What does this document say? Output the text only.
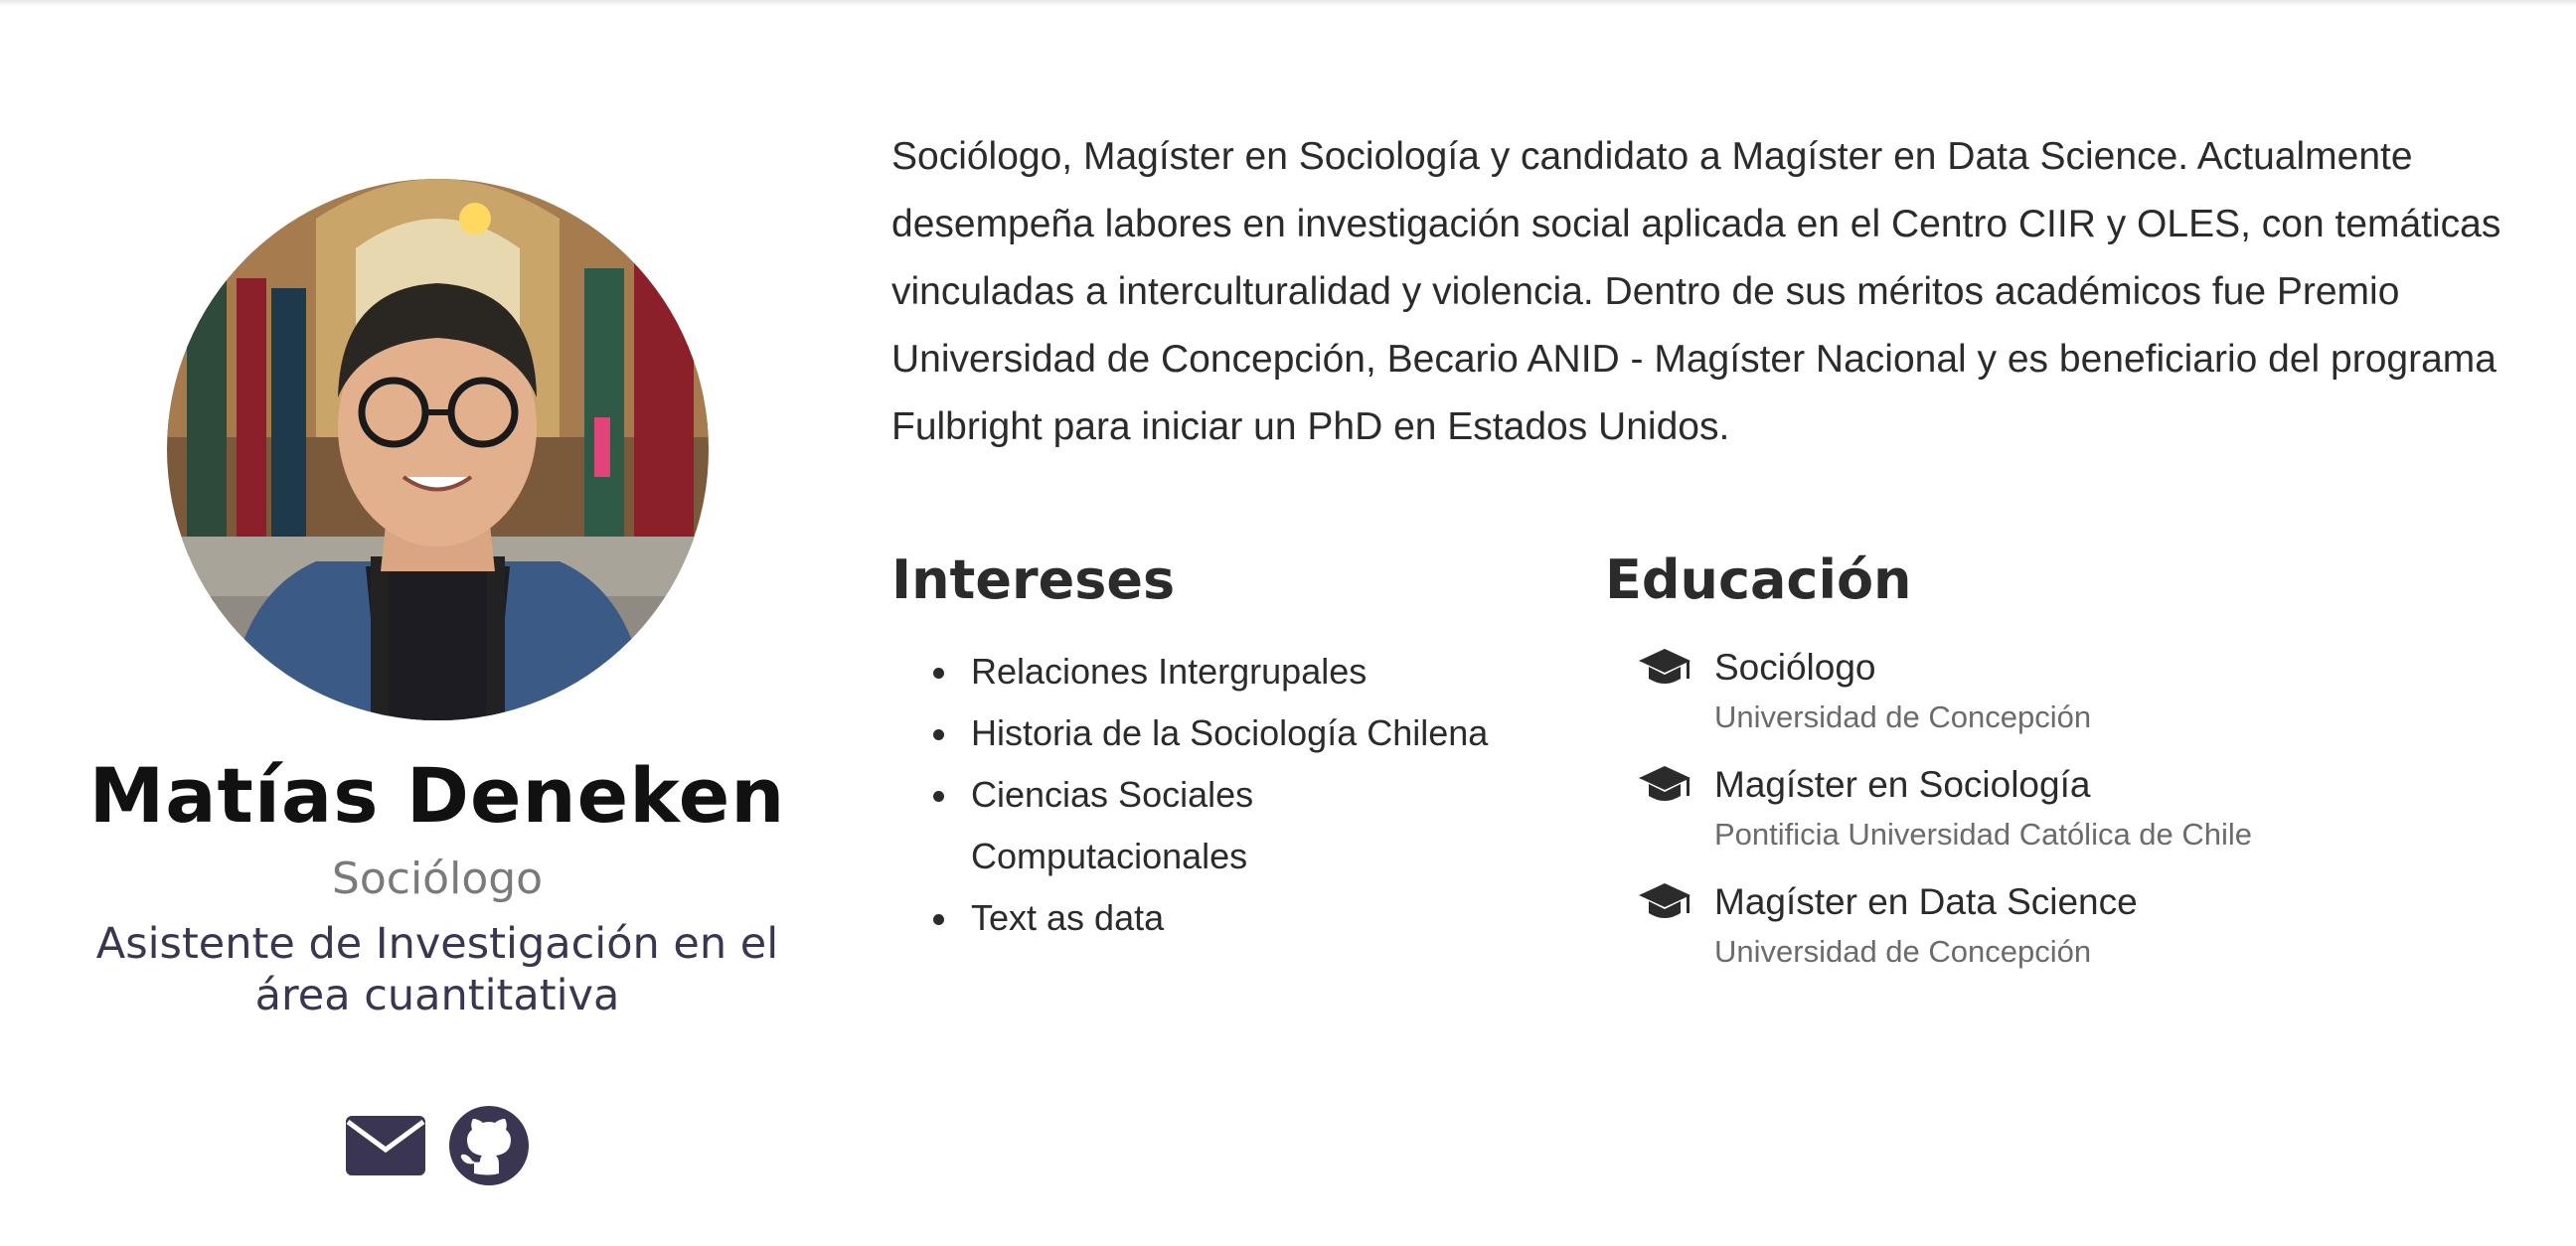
Matías Deneken
Sociólogo
Asistente de Investigación en el área cuantitativa
Sociólogo, Magíster en Sociología y candidato a Magíster en Data Science. Actualmente desempeña labores en investigación social aplicada en el Centro CIIR y OLES, con temáticas vinculadas a interculturalidad y violencia. Dentro de sus méritos académicos fue Premio Universidad de Concepción, Becario ANID - Magíster Nacional y es beneficiario del programa Fulbright para iniciar un PhD en Estados Unidos.
Intereses
Relaciones Intergrupales
Historia de la Sociología Chilena
Ciencias Sociales Computacionales
Text as data
Educación
Sociólogo
Universidad de Concepción
Magíster en Sociología
Pontificia Universidad Católica de Chile
Magíster en Data Science
Universidad de Concepción
